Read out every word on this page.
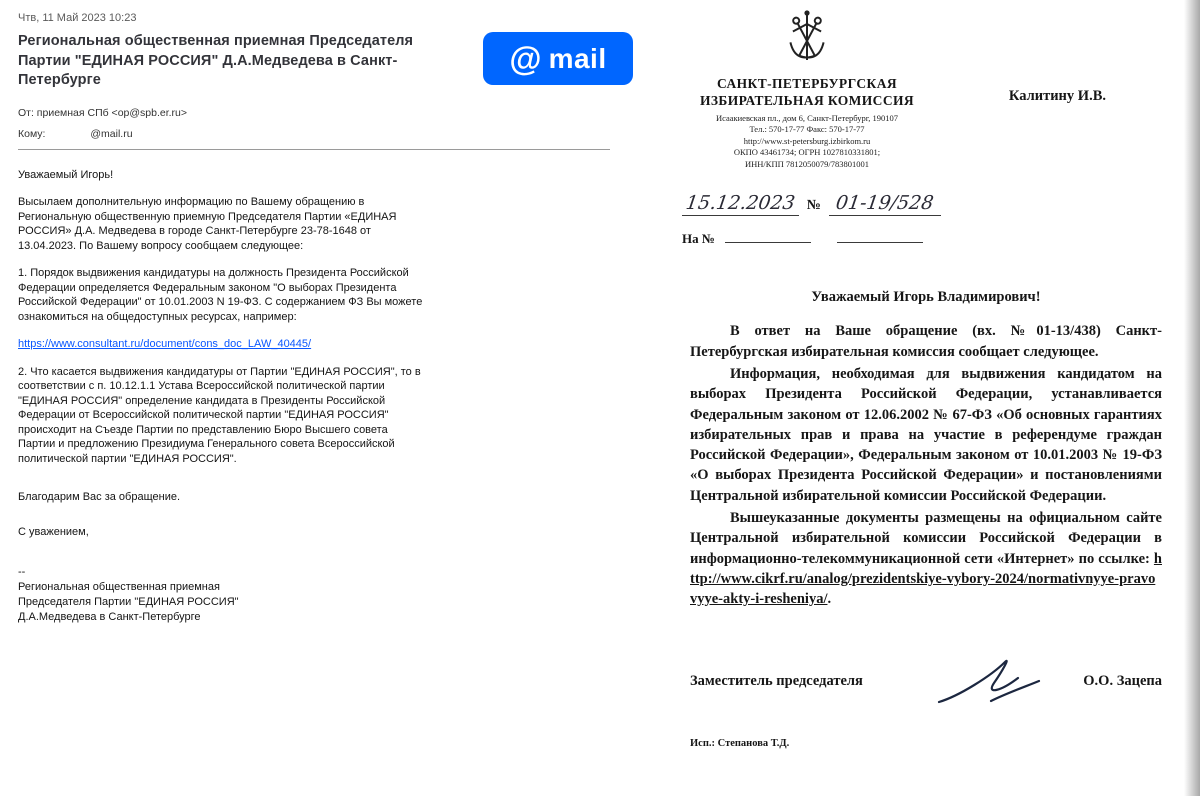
Чтв, 11 Май 2023 10:23
Региональная общественная приемная Председателя Партии "ЕДИНАЯ РОССИЯ" Д.А.Медведева в Санкт-Петербурге
@ mail
От: приемная СПб <op@spb.er.ru>
Кому:	@mail.ru

Уважаемый Игорь!

Высылаем дополнительную информацию по Вашему обращению в Региональную общественную приемную Председателя Партии «ЕДИНАЯ РОССИЯ» Д.А. Медведева в городе Санкт-Петербурге 23-78-1648 от 13.04.2023. По Вашему вопросу сообщаем следующее:

1. Порядок выдвижения кандидатуры на должность Президента Российской Федерации определяется Федеральным законом "О выборах Президента Российской Федерации" от 10.01.2003 N 19-ФЗ. С содержанием ФЗ Вы можете ознакомиться на общедоступных ресурсах, например:

https://www.consultant.ru/document/cons_doc_LAW_40445/

2. Что касается выдвижения кандидатуры от Партии "ЕДИНАЯ РОССИЯ", то в соответствии с п. 10.12.1.1 Устава Всероссийской политической партии "ЕДИНАЯ РОССИЯ" определение кандидата в Президенты Российской Федерации от Всероссийской политической партии "ЕДИНАЯ РОССИЯ" происходит на Съезде Партии по представлению Бюро Высшего совета Партии и предложению Президиума Генерального совета Всероссийской политической партии "ЕДИНАЯ РОССИЯ".

Благодарим Вас за обращение.

С уважением,

--
Региональная общественная приемная
Председателя Партии "ЕДИНАЯ РОССИЯ"
Д.А.Медведева в Санкт-Петербурге
САНКТ-ПЕТЕРБУРГСКАЯ
ИЗБИРАТЕЛЬНАЯ КОМИССИЯ
Исаакиевская пл., дом 6, Санкт-Петербург, 190107
Тел.: 570-17-77 Факс: 570-17-77
http://www.st-petersburg.izbirkom.ru
ОКПО 43461734; ОГРН 1027810331801;
ИНН/КПП 7812050079/783801001
Калитину И.В.
15.12.2023 № 01-19/528
На №

Уважаемый Игорь Владимирович!

В ответ на Ваше обращение (вх. №01-13/438) Санкт-Петербургская избирательная комиссия сообщает следующее.

Информация, необходимая для выдвижения кандидатом на выборах Президента Российской Федерации, устанавливается Федеральным законом от 12.06.2002 № 67-ФЗ «Об основных гарантиях избирательных прав и права на участие в референдуме граждан Российской Федерации», Федеральным законом от 10.01.2003 № 19-ФЗ «О выборах Президента Российской Федерации» и постановлениями Центральной избирательной комиссии Российской Федерации.

Вышеуказанные документы размещены на официальном сайте Центральной избирательной комиссии Российской Федерации в информационно-телекоммуникационной сети «Интернет» по ссылке: http://www.cikrf.ru/analog/prezidentskiye-vybory-2024/normativnyye-pravovyye-akty-i-resheniya/.

Заместитель председателя	О.О. Зацепа
Исп.: Степанова Т.Д.
